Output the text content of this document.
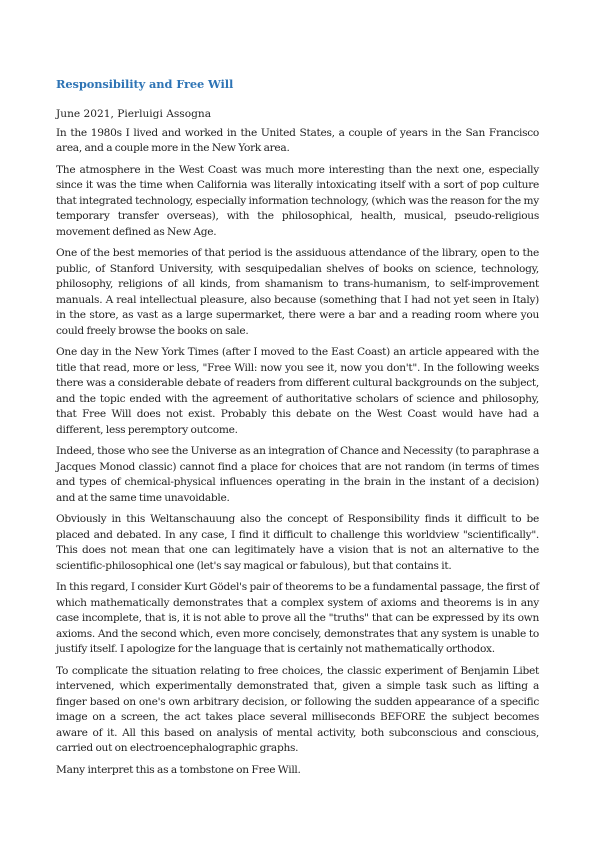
Responsibility and Free Will
June 2021, Pierluigi Assogna

In the 1980s I lived and worked in the United States, a couple of years in the San Francisco area, and a couple more in the New York area.

The atmosphere in the West Coast was much more interesting than the next one, especially since it was the time when California was literally intoxicating itself with a sort of pop culture that integrated technology, especially information technology, (which was the reason for the my temporary transfer overseas), with the philosophical, health, musical, pseudo-religious movement defined as New Age.

One of the best memories of that period is the assiduous attendance of the library, open to the public, of Stanford University, with sesquipedalian shelves of books on science, technology, philosophy, religions of all kinds, from shamanism to trans-humanism, to self-improvement manuals. A real intellectual pleasure, also because (something that I had not yet seen in Italy) in the store, as vast as a large supermarket, there were a bar and a reading room where you could freely browse the books on sale.

One day in the New York Times (after I moved to the East Coast) an article appeared with the title that read, more or less, "Free Will: now you see it, now you don't". In the following weeks there was a considerable debate of readers from different cultural backgrounds on the subject, and the topic ended with the agreement of authoritative scholars of science and philosophy, that Free Will does not exist. Probably this debate on the West Coast would have had a different, less peremptory outcome.

Indeed, those who see the Universe as an integration of Chance and Necessity (to paraphrase a Jacques Monod classic) cannot find a place for choices that are not random (in terms of times and types of chemical-physical influences operating in the brain in the instant of a decision) and at the same time unavoidable.

Obviously in this Weltanschauung also the concept of Responsibility finds it difficult to be placed and debated. In any case, I find it difficult to challenge this worldview "scientifically". This does not mean that one can legitimately have a vision that is not an alternative to the scientific-philosophical one (let's say magical or fabulous), but that contains it.

In this regard, I consider Kurt Gödel's pair of theorems to be a fundamental passage, the first of which mathematically demonstrates that a complex system of axioms and theorems is in any case incomplete, that is, it is not able to prove all the "truths" that can be expressed by its own axioms. And the second which, even more concisely, demonstrates that any system is unable to justify itself. I apologize for the language that is certainly not mathematically orthodox.

To complicate the situation relating to free choices, the classic experiment of Benjamin Libet intervened, which experimentally demonstrated that, given a simple task such as lifting a finger based on one's own arbitrary decision, or following the sudden appearance of a specific image on a screen, the act takes place several milliseconds BEFORE the subject becomes aware of it. All this based on analysis of mental activity, both subconscious and conscious, carried out on electroencephalographic graphs.

Many interpret this as a tombstone on Free Will.
